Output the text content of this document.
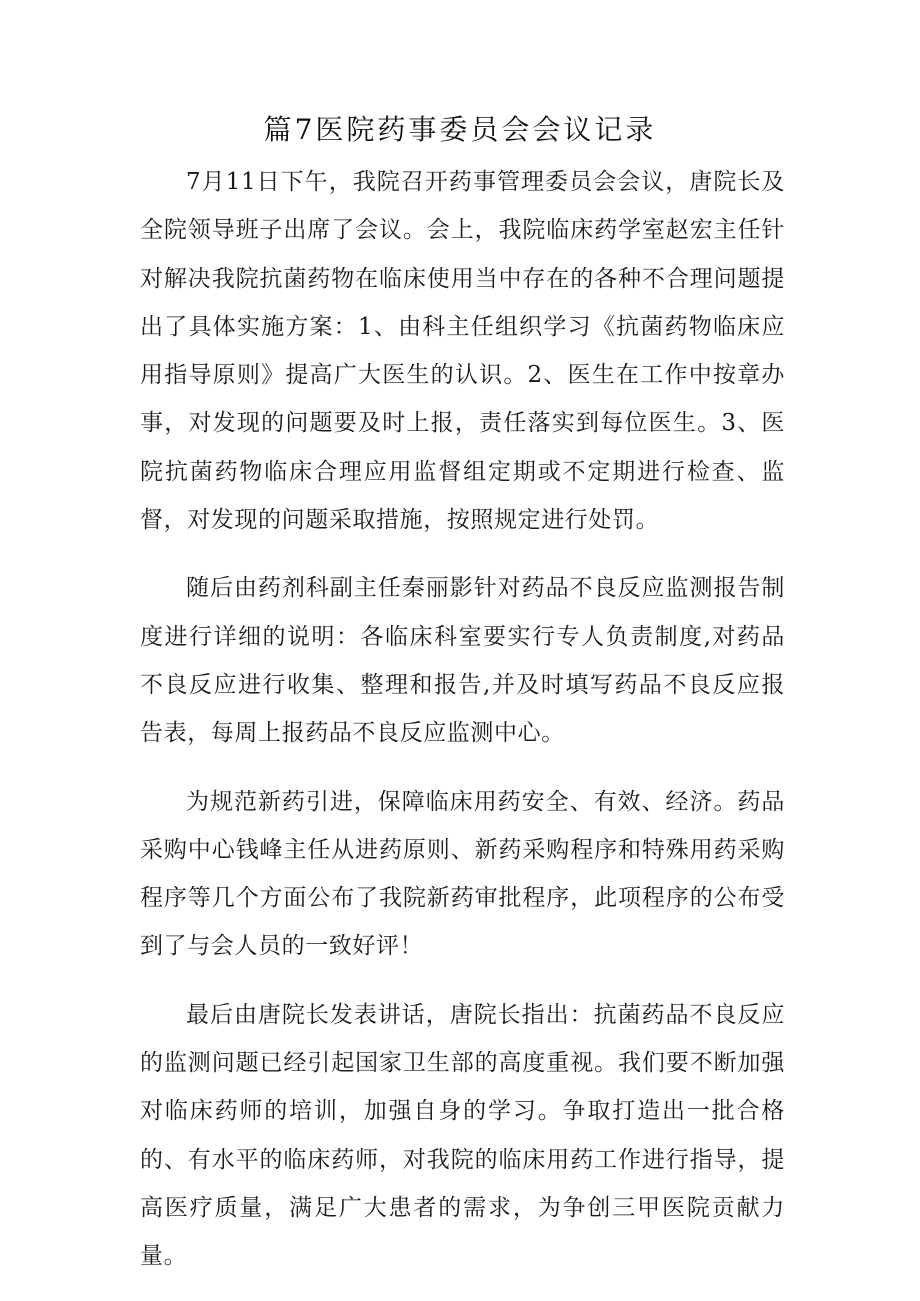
篇7医院药事委员会会议记录

7月11日下午，我院召开药事管理委员会会议，唐院长及全院领导班子出席了会议。会上，我院临床药学室赵宏主任针对解决我院抗菌药物在临床使用当中存在的各种不合理问题提出了具体实施方案：1、由科主任组织学习《抗菌药物临床应用指导原则》提高广大医生的认识。2、医生在工作中按章办事，对发现的问题要及时上报，责任落实到每位医生。3、医院抗菌药物临床合理应用监督组定期或不定期进行检查、监督，对发现的问题采取措施，按照规定进行处罚。

随后由药剂科副主任秦丽影针对药品不良反应监测报告制度进行详细的说明：各临床科室要实行专人负责制度,对药品不良反应进行收集、整理和报告,并及时填写药品不良反应报告表，每周上报药品不良反应监测中心。

为规范新药引进，保障临床用药安全、有效、经济。药品采购中心钱峰主任从进药原则、新药采购程序和特殊用药采购程序等几个方面公布了我院新药审批程序，此项程序的公布受到了与会人员的一致好评！

最后由唐院长发表讲话，唐院长指出：抗菌药品不良反应的监测问题已经引起国家卫生部的高度重视。我们要不断加强对临床药师的培训，加强自身的学习。争取打造出一批合格的、有水平的临床药师，对我院的临床用药工作进行指导，提高医疗质量，满足广大患者的需求，为争创三甲医院贡献力量。
